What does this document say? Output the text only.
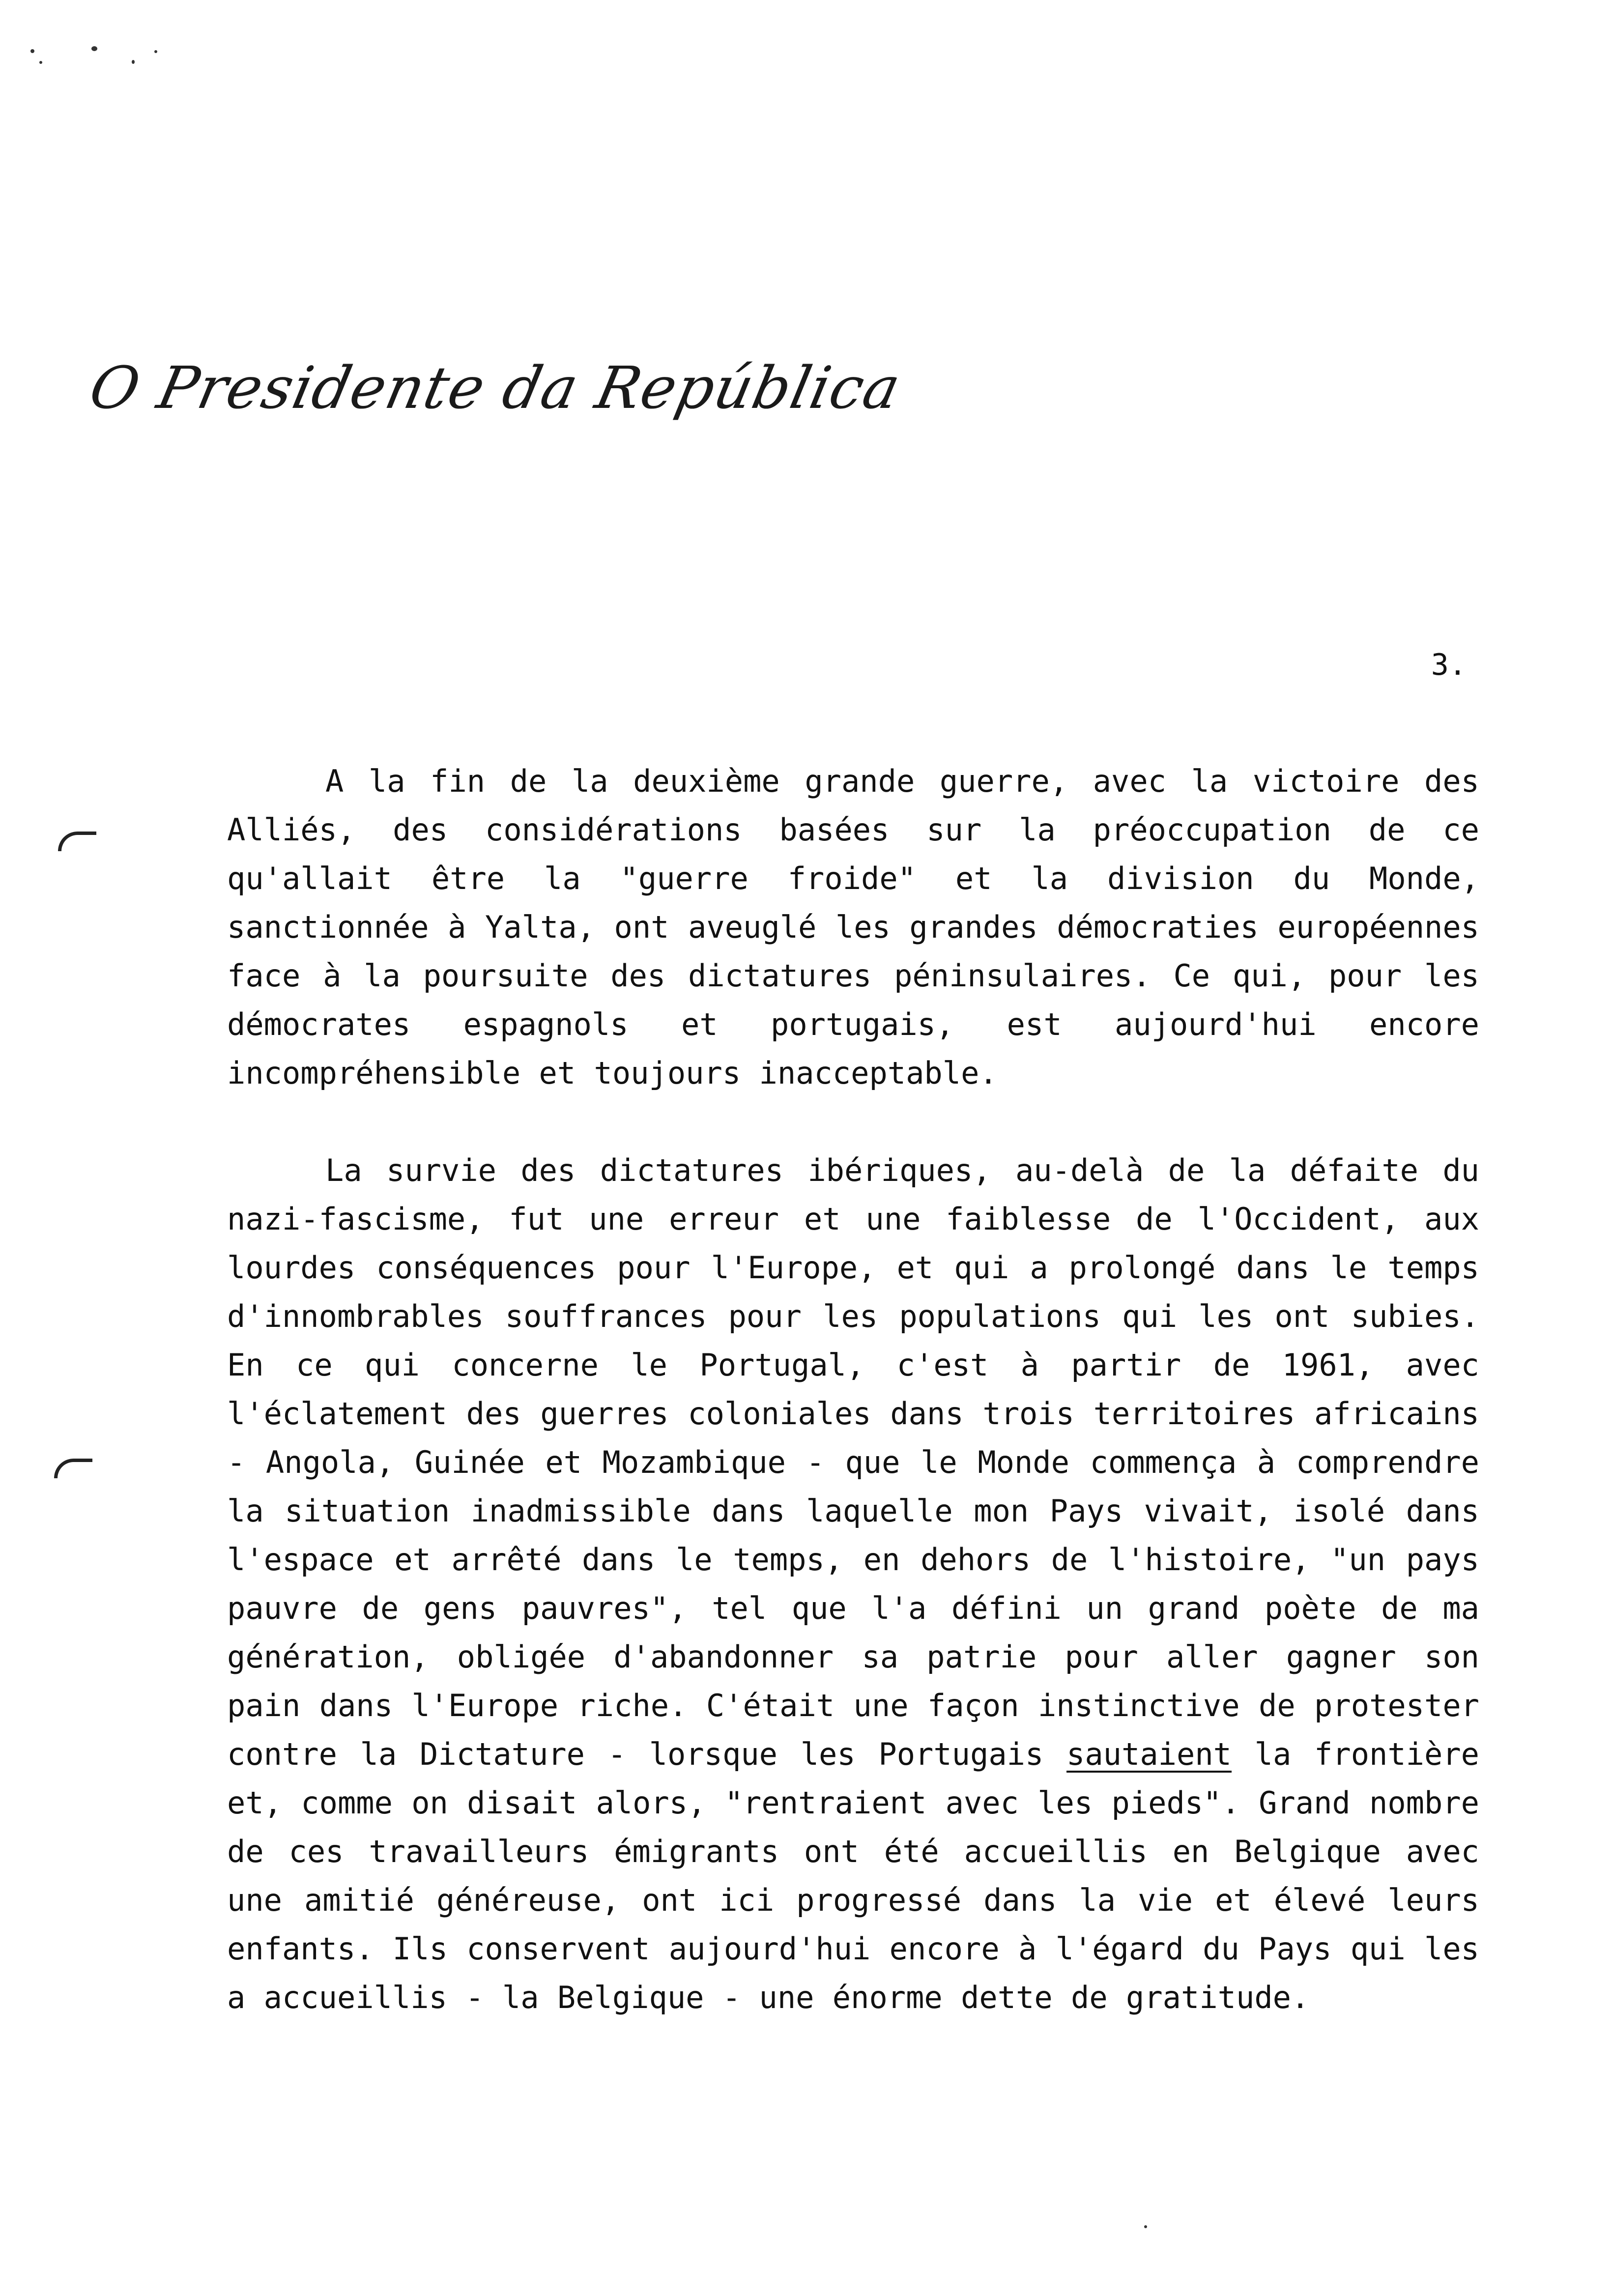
O Presidente da República
3.

A la fin de la deuxième grande guerre, avec la victoire des Alliés, des considérations basées sur la préoccupation de ce qu'allait être la "guerre froide" et la division du Monde, sanctionnée à Yalta, ont aveuglé les grandes démocraties européennes face à la poursuite des dictatures péninsulaires. Ce qui, pour les démocrates espagnols et portugais, est aujourd'hui encore incompréhensible et toujours inacceptable.

La survie des dictatures ibériques, au-delà de la défaite du nazi-fascisme, fut une erreur et une faiblesse de l'Occident, aux lourdes conséquences pour l'Europe, et qui a prolongé dans le temps d'innombrables souffrances pour les populations qui les ont subies. En ce qui concerne le Portugal, c'est à partir de 1961, avec l'éclatement des guerres coloniales dans trois territoires africains - Angola, Guinée et Mozambique - que le Monde commença à comprendre la situation inadmissible dans laquelle mon Pays vivait, isolé dans l'espace et arrêté dans le temps, en dehors de l'histoire, "un pays pauvre de gens pauvres", tel que l'a défini un grand poète de ma génération, obligée d'abandonner sa patrie pour aller gagner son pain dans l'Europe riche. C'était une façon instinctive de protester contre la Dictature - lorsque les Portugais sautaient la frontière et, comme on disait alors, "rentraient avec les pieds". Grand nombre de ces travailleurs émigrants ont été accueillis en Belgique avec une amitié généreuse, ont ici progressé dans la vie et élevé leurs enfants. Ils conservent aujourd'hui encore à l'égard du Pays qui les a accueillis - la Belgique - une énorme dette de gratitude.
